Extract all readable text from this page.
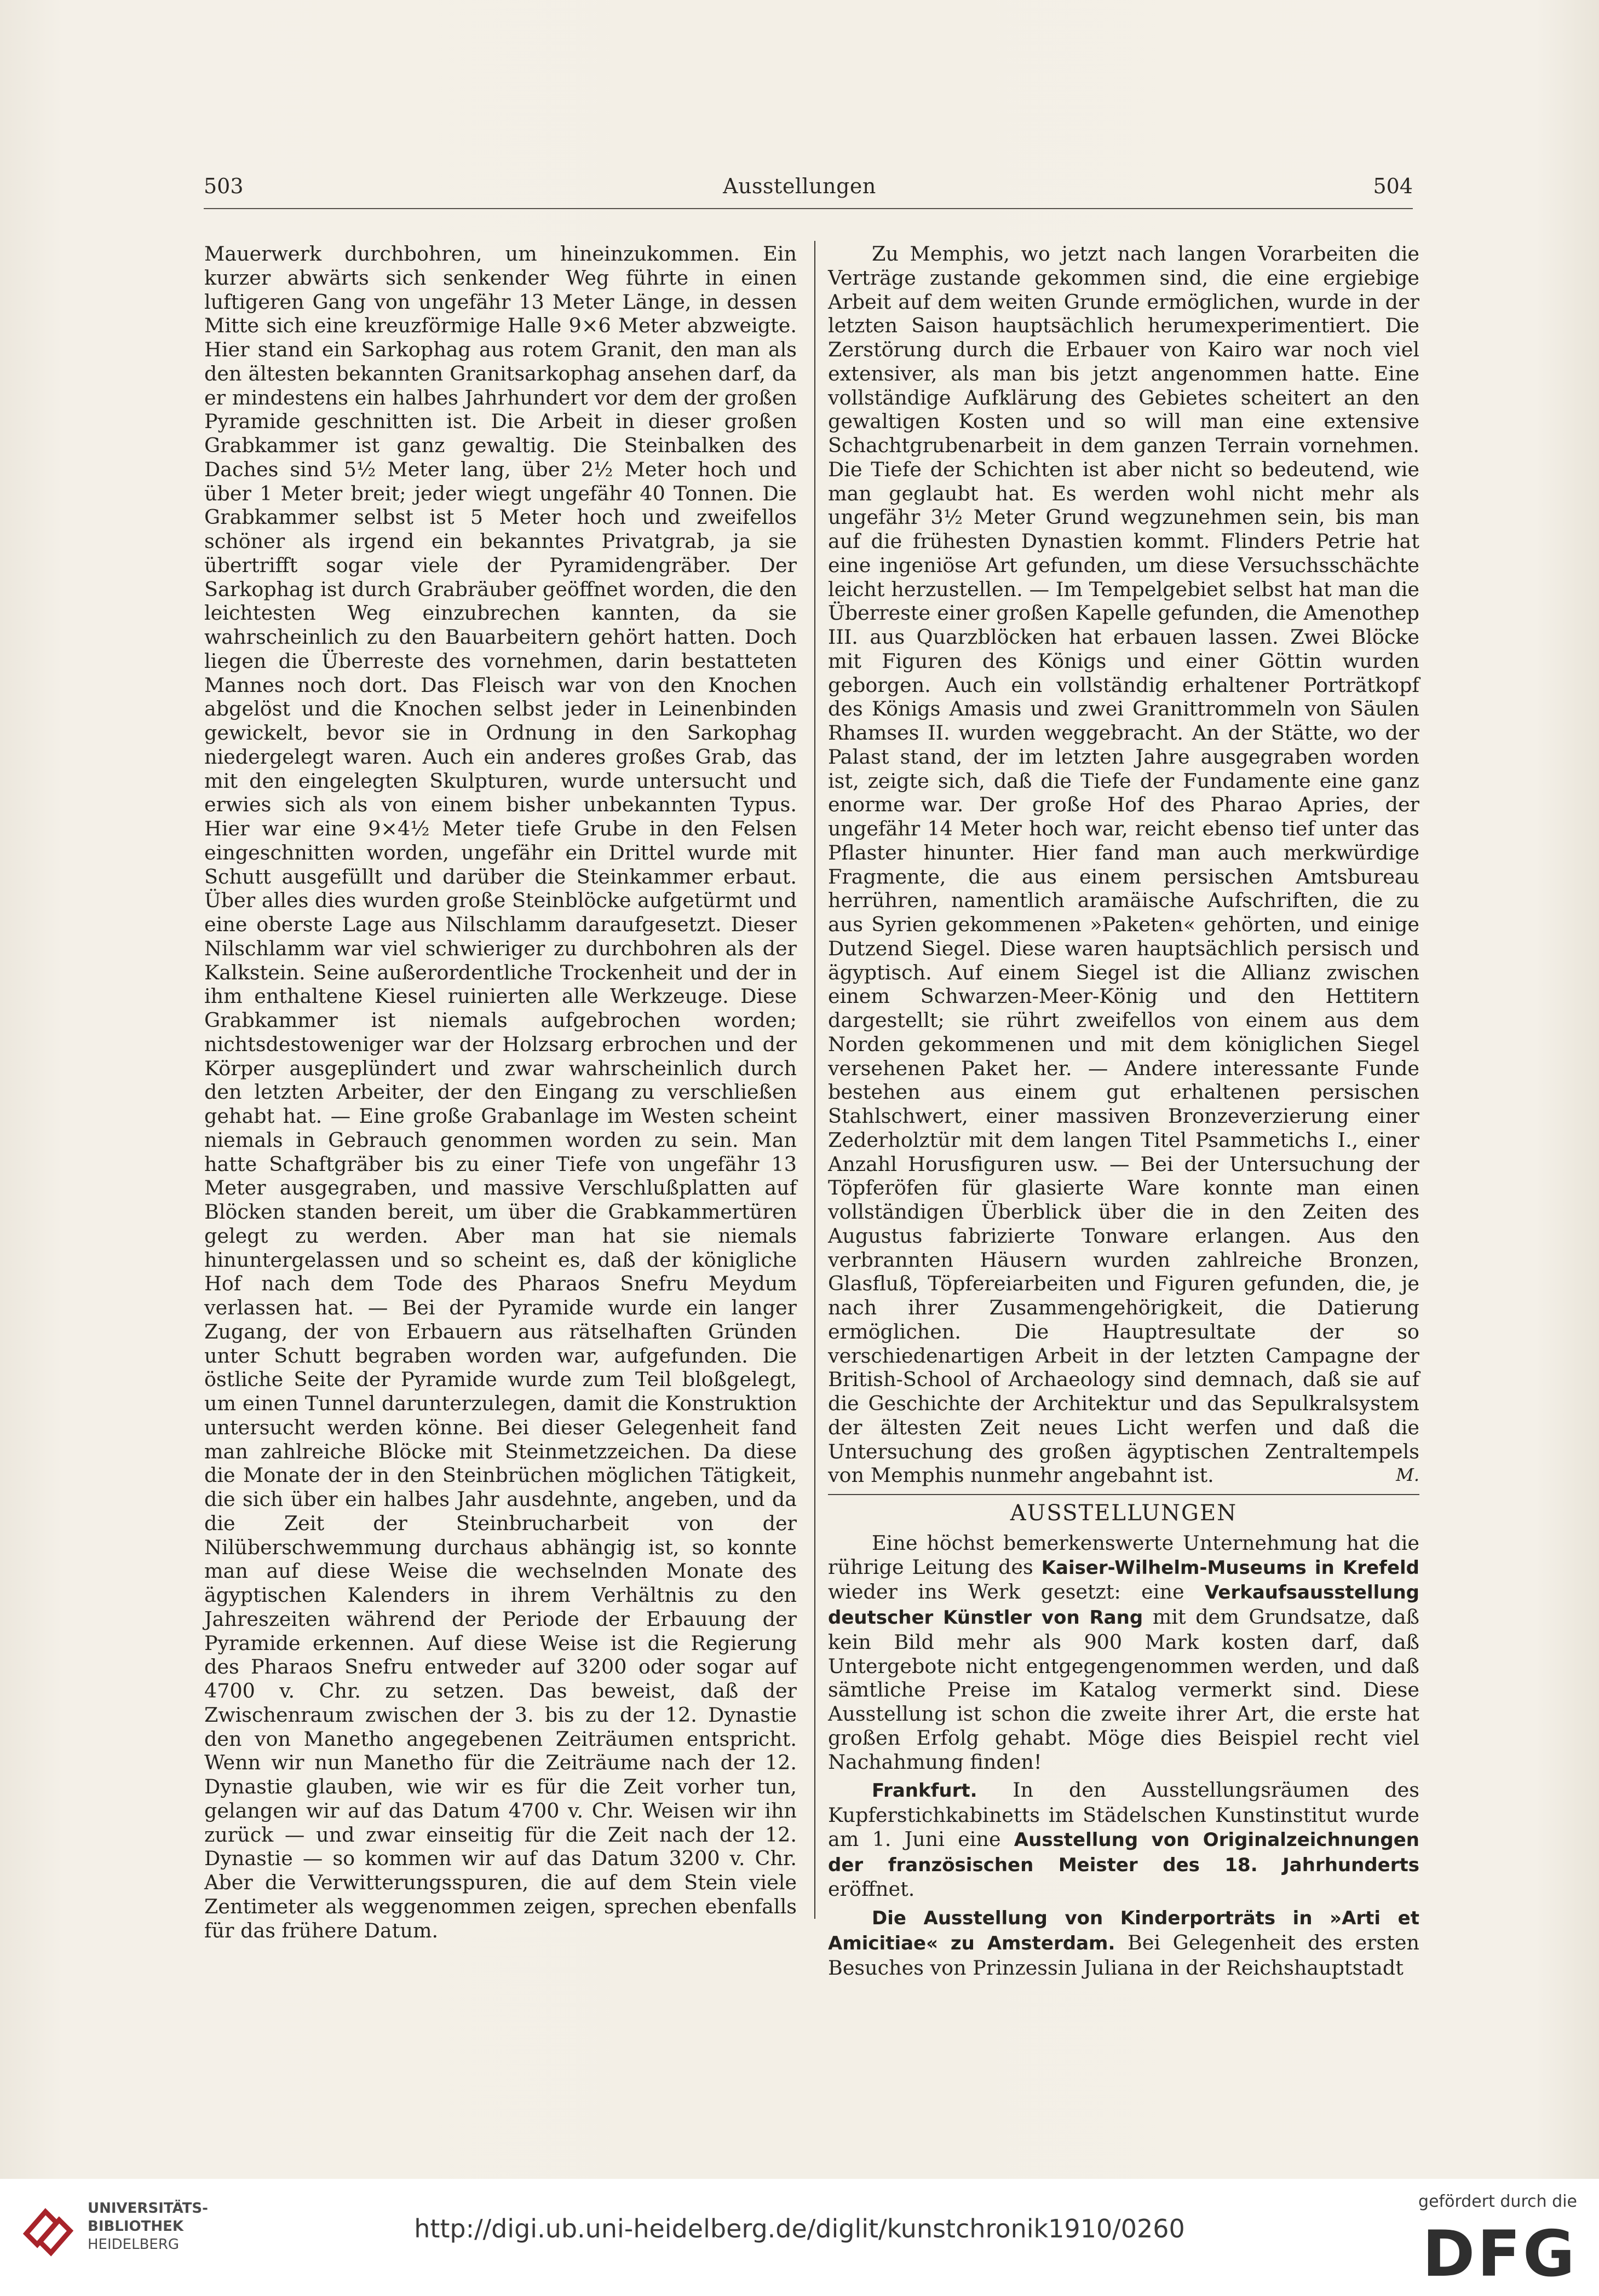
503	Ausstellungen	504

Mauerwerk durchbohren, um hineinzukommen. Ein kurzer abwärts sich senkender Weg führte in einen luftigeren Gang von ungefähr 13 Meter Länge, in dessen Mitte sich eine kreuzförmige Halle 9×6 Meter abzweigte. Hier stand ein Sarkophag aus rotem Granit, den man als den ältesten bekannten Granitsarkophag ansehen darf, da er mindestens ein halbes Jahrhundert vor dem der großen Pyramide geschnitten ist. Die Arbeit in dieser großen Grabkammer ist ganz gewaltig. Die Steinbalken des Daches sind 5½ Meter lang, über 2½ Meter hoch und über 1 Meter breit; jeder wiegt ungefähr 40 Tonnen. Die Grabkammer selbst ist 5 Meter hoch und zweifellos schöner als irgend ein bekanntes Privatgrab, ja sie übertrifft sogar viele der Pyramidengräber. Der Sarkophag ist durch Grabräuber geöffnet worden, die den leichtesten Weg einzubrechen kannten, da sie wahrscheinlich zu den Bauarbeitern gehört hatten. Doch liegen die Überreste des vornehmen, darin bestatteten Mannes noch dort. Das Fleisch war von den Knochen abgelöst und die Knochen selbst jeder in Leinenbinden gewickelt, bevor sie in Ordnung in den Sarkophag niedergelegt waren. Auch ein anderes großes Grab, das mit den eingelegten Skulpturen, wurde untersucht und erwies sich als von einem bisher unbekannten Typus. Hier war eine 9×4½ Meter tiefe Grube in den Felsen eingeschnitten worden, ungefähr ein Drittel wurde mit Schutt ausgefüllt und darüber die Steinkammer erbaut. Über alles dies wurden große Steinblöcke aufgetürmt und eine oberste Lage aus Nilschlamm daraufgesetzt. Dieser Nilschlamm war viel schwieriger zu durchbohren als der Kalkstein. Seine außerordentliche Trockenheit und der in ihm enthaltene Kiesel ruinierten alle Werkzeuge. Diese Grabkammer ist niemals aufgebrochen worden; nichtsdestoweniger war der Holzsarg erbrochen und der Körper ausgeplündert und zwar wahrscheinlich durch den letzten Arbeiter, der den Eingang zu verschließen gehabt hat. — Eine große Grabanlage im Westen scheint niemals in Gebrauch genommen worden zu sein. Man hatte Schaftgräber bis zu einer Tiefe von ungefähr 13 Meter ausgegraben, und massive Verschlußplatten auf Blöcken standen bereit, um über die Grabkammertüren gelegt zu werden. Aber man hat sie niemals hinuntergelassen und so scheint es, daß der königliche Hof nach dem Tode des Pharaos Snefru Meydum verlassen hat. — Bei der Pyramide wurde ein langer Zugang, der von Erbauern aus rätselhaften Gründen unter Schutt begraben worden war, aufgefunden. Die östliche Seite der Pyramide wurde zum Teil bloßgelegt, um einen Tunnel darunterzulegen, damit die Konstruktion untersucht werden könne. Bei dieser Gelegenheit fand man zahlreiche Blöcke mit Steinmetzzeichen. Da diese die Monate der in den Steinbrüchen möglichen Tätigkeit, die sich über ein halbes Jahr ausdehnte, angeben, und da die Zeit der Steinbrucharbeit von der Nilüberschwemmung durchaus abhängig ist, so konnte man auf diese Weise die wechselnden Monate des ägyptischen Kalenders in ihrem Verhältnis zu den Jahreszeiten während der Periode der Erbauung der Pyramide erkennen. Auf diese Weise ist die Regierung des Pharaos Snefru entweder auf 3200 oder sogar auf 4700 v. Chr. zu setzen. Das beweist, daß der Zwischenraum zwischen der 3. bis zu der 12. Dynastie den von Manetho angegebenen Zeiträumen entspricht. Wenn wir nun Manetho für die Zeiträume nach der 12. Dynastie glauben, wie wir es für die Zeit vorher tun, gelangen wir auf das Datum 4700 v. Chr. Weisen wir ihn zurück — und zwar einseitig für die Zeit nach der 12. Dynastie — so kommen wir auf das Datum 3200 v. Chr. Aber die Verwitterungsspuren, die auf dem Stein viele Zentimeter als weggenommen zeigen, sprechen ebenfalls für das frühere Datum.

Zu Memphis, wo jetzt nach langen Vorarbeiten die Verträge zustande gekommen sind, die eine ergiebige Arbeit auf dem weiten Grunde ermöglichen, wurde in der letzten Saison hauptsächlich herumexperimentiert. Die Zerstörung durch die Erbauer von Kairo war noch viel extensiver, als man bis jetzt angenommen hatte. Eine vollständige Aufklärung des Gebietes scheitert an den gewaltigen Kosten und so will man eine extensive Schachtgrubenarbeit in dem ganzen Terrain vornehmen. Die Tiefe der Schichten ist aber nicht so bedeutend, wie man geglaubt hat. Es werden wohl nicht mehr als ungefähr 3½ Meter Grund wegzunehmen sein, bis man auf die frühesten Dynastien kommt. Flinders Petrie hat eine ingeniöse Art gefunden, um diese Versuchsschächte leicht herzustellen. — Im Tempelgebiet selbst hat man die Überreste einer großen Kapelle gefunden, die Amenothep III. aus Quarzblöcken hat erbauen lassen. Zwei Blöcke mit Figuren des Königs und einer Göttin wurden geborgen. Auch ein vollständig erhaltener Porträtkopf des Königs Amasis und zwei Granittrommeln von Säulen Rhamses II. wurden weggebracht. An der Stätte, wo der Palast stand, der im letzten Jahre ausgegraben worden ist, zeigte sich, daß die Tiefe der Fundamente eine ganz enorme war. Der große Hof des Pharao Apries, der ungefähr 14 Meter hoch war, reicht ebenso tief unter das Pflaster hinunter. Hier fand man auch merkwürdige Fragmente, die aus einem persischen Amtsbureau herrühren, namentlich aramäische Aufschriften, die zu aus Syrien gekommenen »Paketen« gehörten, und einige Dutzend Siegel. Diese waren hauptsächlich persisch und ägyptisch. Auf einem Siegel ist die Allianz zwischen einem Schwarzen-Meer-König und den Hettitern dargestellt; sie rührt zweifellos von einem aus dem Norden gekommenen und mit dem königlichen Siegel versehenen Paket her. — Andere interessante Funde bestehen aus einem gut erhaltenen persischen Stahlschwert, einer massiven Bronzeverzierung einer Zederholztür mit dem langen Titel Psammetichs I., einer Anzahl Horusfiguren usw. — Bei der Untersuchung der Töpferöfen für glasierte Ware konnte man einen vollständigen Überblick über die in den Zeiten des Augustus fabrizierte Tonware erlangen. Aus den verbrannten Häusern wurden zahlreiche Bronzen, Glasfluß, Töpfereiarbeiten und Figuren gefunden, die, je nach ihrer Zusammengehörigkeit, die Datierung ermöglichen. Die Hauptresultate der so verschiedenartigen Arbeit in der letzten Campagne der British-School of Archaeology sind demnach, daß sie auf die Geschichte der Architektur und das Sepulkralsystem der ältesten Zeit neues Licht werfen und daß die Untersuchung des großen ägyptischen Zentraltempels von Memphis nunmehr angebahnt ist.	M.

AUSSTELLUNGEN

Eine höchst bemerkenswerte Unternehmung hat die rührige Leitung des Kaiser-Wilhelm-Museums in Krefeld wieder ins Werk gesetzt: eine Verkaufsausstellung deutscher Künstler von Rang mit dem Grundsatze, daß kein Bild mehr als 900 Mark kosten darf, daß Untergebote nicht entgegengenommen werden, und daß sämtliche Preise im Katalog vermerkt sind. Diese Ausstellung ist schon die zweite ihrer Art, die erste hat großen Erfolg gehabt. Möge dies Beispiel recht viel Nachahmung finden!

Frankfurt. In den Ausstellungsräumen des Kupferstichkabinetts im Städelschen Kunstinstitut wurde am 1. Juni eine Ausstellung von Originalzeichnungen der französischen Meister des 18. Jahrhunderts eröffnet.

Die Ausstellung von Kinderporträts in »Arti et Amicitiae« zu Amsterdam. Bei Gelegenheit des ersten Besuches von Prinzessin Juliana in der Reichshauptstadt

UNIVERSITÄTS-
BIBLIOTHEK
HEIDELBERG
http://digi.ub.uni-heidelberg.de/diglit/kunstchronik1910/0260
gefördert durch die
DFG
